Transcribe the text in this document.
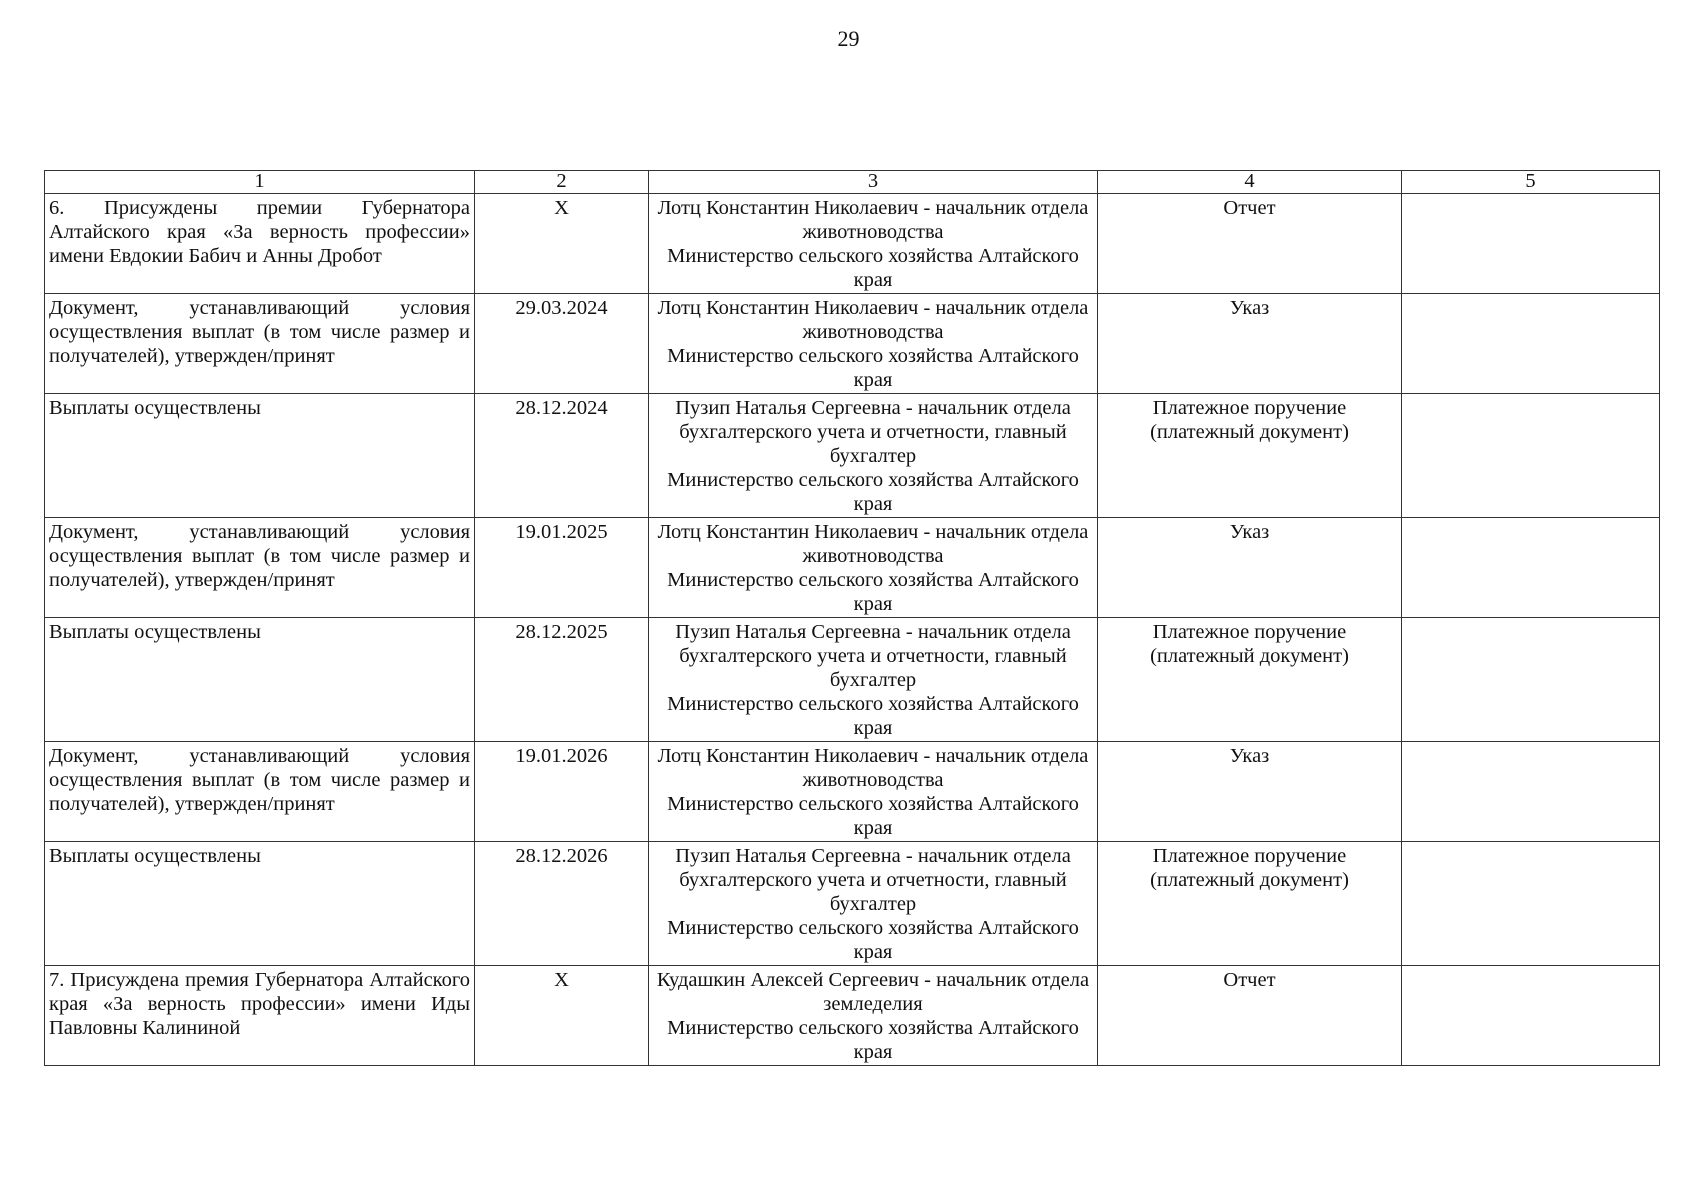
29
1	2	3	4	5
6. Присуждены премии Губернатора Алтайского края «За верность профессии» имени Евдокии Бабич и Анны Дробот	X	Лотц Константин Николаевич - начальник отдела животноводства
Министерство сельского хозяйства Алтайского края	Отчет	
Документ, устанавливающий условия осуществления выплат (в том числе размер и получателей), утвержден/принят	29.03.2024	Лотц Константин Николаевич - начальник отдела животноводства
Министерство сельского хозяйства Алтайского края	Указ	
Выплаты осуществлены	28.12.2024	Пузип Наталья Сергеевна - начальник отдела бухгалтерского учета и отчетности, главный бухгалтер
Министерство сельского хозяйства Алтайского края	Платежное поручение (платежный документ)	
Документ, устанавливающий условия осуществления выплат (в том числе размер и получателей), утвержден/принят	19.01.2025	Лотц Константин Николаевич - начальник отдела животноводства
Министерство сельского хозяйства Алтайского края	Указ	
Выплаты осуществлены	28.12.2025	Пузип Наталья Сергеевна - начальник отдела бухгалтерского учета и отчетности, главный бухгалтер
Министерство сельского хозяйства Алтайского края	Платежное поручение (платежный документ)	
Документ, устанавливающий условия осуществления выплат (в том числе размер и получателей), утвержден/принят	19.01.2026	Лотц Константин Николаевич - начальник отдела животноводства
Министерство сельского хозяйства Алтайского края	Указ	
Выплаты осуществлены	28.12.2026	Пузип Наталья Сергеевна - начальник отдела бухгалтерского учета и отчетности, главный бухгалтер
Министерство сельского хозяйства Алтайского края	Платежное поручение (платежный документ)	
7. Присуждена премия Губернатора Алтайского края «За верность профессии» имени Иды Павловны Калининой	X	Кудашкин Алексей Сергеевич - начальник отдела земледелия
Министерство сельского хозяйства Алтайского края	Отчет	
